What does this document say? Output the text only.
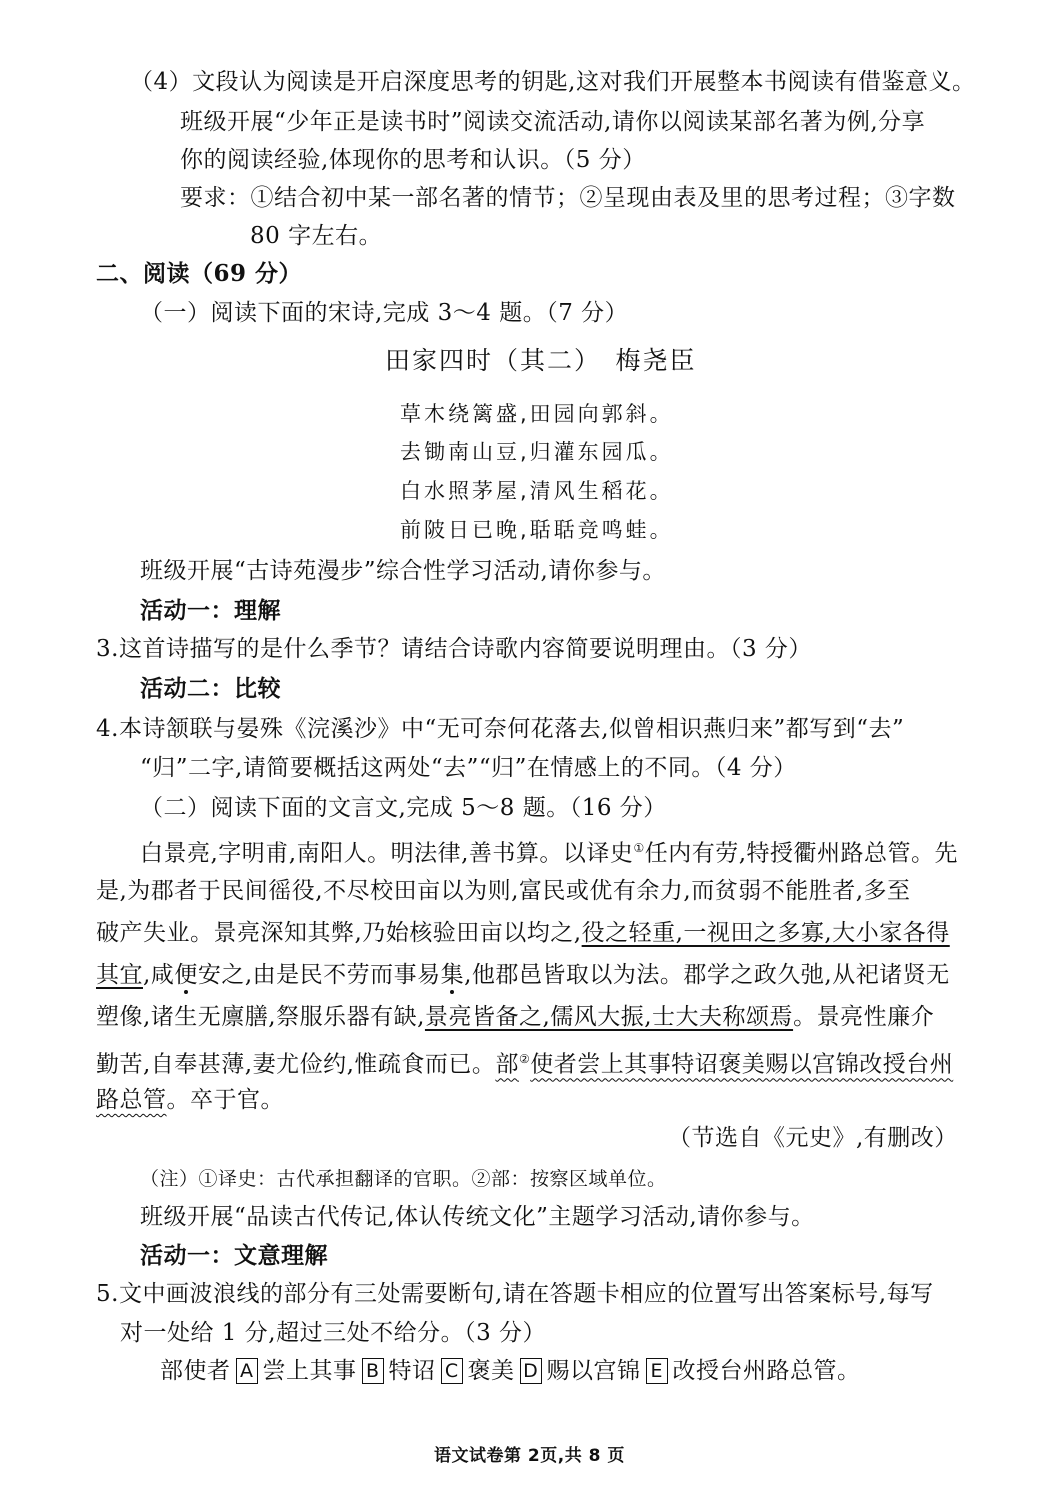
（4）文段认为阅读是开启深度思考的钥匙,这对我们开展整本书阅读有借鉴意义。
班级开展“少年正是读书时”阅读交流活动,请你以阅读某部名著为例,分享
你的阅读经验,体现你的思考和认识。（5 分）
要求：①结合初中某一部名著的情节；②呈现由表及里的思考过程；③字数
80 字左右。
二、阅读（69 分）
（一）阅读下面的宋诗,完成 3～4 题。（7 分）
田家四时（其二）　梅尧臣
草木绕篱盛,田园向郭斜。
去锄南山豆,归灌东园瓜。
白水照茅屋,清风生稻花。
前陂日已晚,聒聒竞鸣蛙。
班级开展“古诗苑漫步”综合性学习活动,请你参与。
活动一：理解
3.这首诗描写的是什么季节？请结合诗歌内容简要说明理由。（3 分）
活动二：比较
4.本诗颔联与晏殊《浣溪沙》中“无可奈何花落去,似曾相识燕归来”都写到“去”
“归”二字,请简要概括这两处“去”“归”在情感上的不同。（4 分）
（二）阅读下面的文言文,完成 5～8 题。（16 分）
白景亮,字明甫,南阳人。明法律,善书算。以译史①任内有劳,特授衢州路总管。先
是,为郡者于民间徭役,不尽校田亩以为则,富民或优有余力,而贫弱不能胜者,多至
破产失业。景亮深知其弊,乃始核验田亩以均之,役之轻重,一视田之多寡,大小家各得
其宜,咸便安之,由是民不劳而事易集,他郡邑皆取以为法。郡学之政久弛,从祀诸贤无
塑像,诸生无廪膳,祭服乐器有缺,景亮皆备之,儒风大振,士大夫称颂焉。景亮性廉介
勤苦,自奉甚薄,妻尤俭约,惟疏食而已。部②使者尝上其事特诏褒美赐以宫锦改授台州
路总管。卒于官。
（节选自《元史》,有删改）
（注）①译史：古代承担翻译的官职。②部：按察区域单位。
班级开展“品读古代传记,体认传统文化”主题学习活动,请你参与。
活动一：文意理解
5.文中画波浪线的部分有三处需要断句,请在答题卡相应的位置写出答案标号,每写
对一处给 1 分,超过三处不给分。（3 分）
部使者 A 尝上其事 B 特诏 C 褒美 D 赐以宫锦 E 改授台州路总管。
语文试卷第 2页,共 8 页
